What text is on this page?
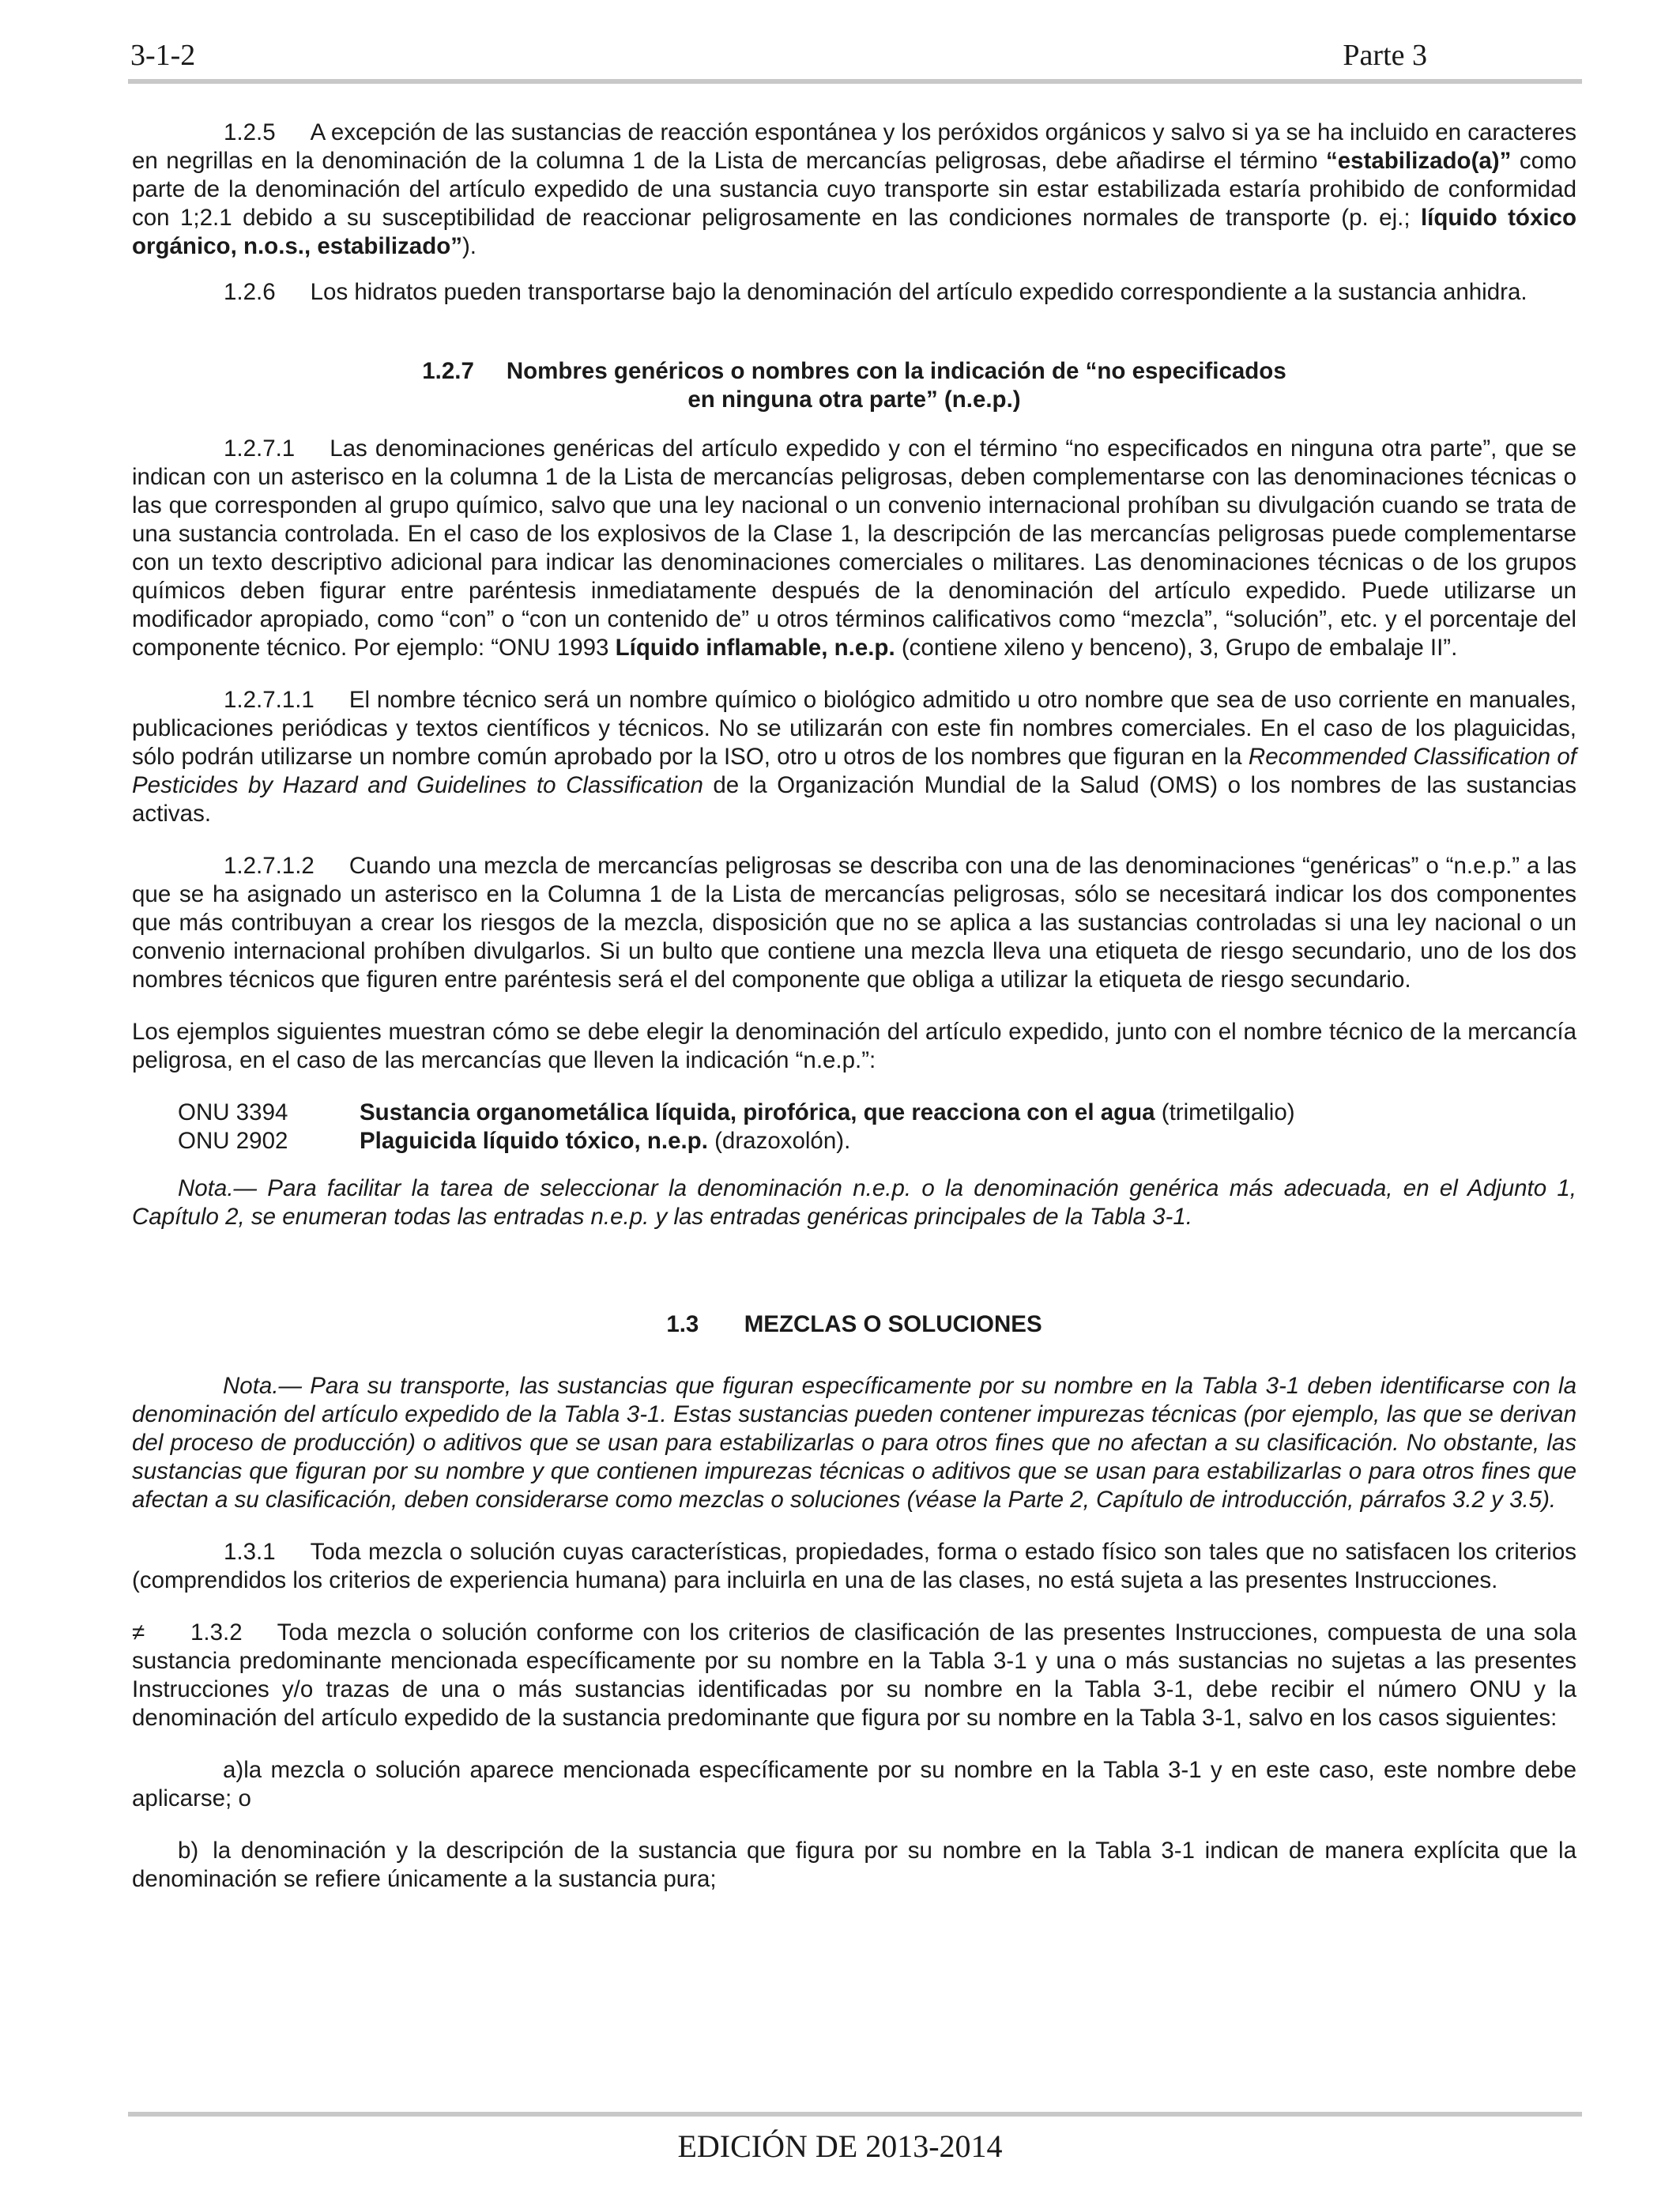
3-1-2	Parte 3

1.2.5 A excepción de las sustancias de reacción espontánea y los peróxidos orgánicos y salvo si ya se ha incluido en caracteres en negrillas en la denominación de la columna 1 de la Lista de mercancías peligrosas, debe añadirse el término “estabilizado(a)” como parte de la denominación del artículo expedido de una sustancia cuyo transporte sin estar estabilizada estaría prohibido de conformidad con 1;2.1 debido a su susceptibilidad de reaccionar peligrosamente en las condiciones normales de transporte (p. ej.; líquido tóxico orgánico, n.o.s., estabilizado”).

1.2.6 Los hidratos pueden transportarse bajo la denominación del artículo expedido correspondiente a la sustancia anhidra.

1.2.7 Nombres genéricos o nombres con la indicación de “no especificados
en ninguna otra parte” (n.e.p.)

1.2.7.1 Las denominaciones genéricas del artículo expedido y con el término “no especificados en ninguna otra parte”, que se indican con un asterisco en la columna 1 de la Lista de mercancías peligrosas, deben complementarse con las denominaciones técnicas o las que corresponden al grupo químico, salvo que una ley nacional o un convenio internacional prohíban su divulgación cuando se trata de una sustancia controlada. En el caso de los explosivos de la Clase 1, la descripción de las mercancías peligrosas puede complementarse con un texto descriptivo adicional para indicar las denominaciones comerciales o militares. Las denominaciones técnicas o de los grupos químicos deben figurar entre paréntesis inmediatamente después de la denominación del artículo expedido. Puede utilizarse un modificador apropiado, como “con” o “con un contenido de” u otros términos calificativos como “mezcla”, “solución”, etc. y el porcentaje del componente técnico. Por ejemplo: “ONU 1993 Líquido inflamable, n.e.p. (contiene xileno y benceno), 3, Grupo de embalaje II”.

1.2.7.1.1 El nombre técnico será un nombre químico o biológico admitido u otro nombre que sea de uso corriente en manuales, publicaciones periódicas y textos científicos y técnicos. No se utilizarán con este fin nombres comerciales. En el caso de los plaguicidas, sólo podrán utilizarse un nombre común aprobado por la ISO, otro u otros de los nombres que figuran en la Recommended Classification of Pesticides by Hazard and Guidelines to Classification de la Organización Mundial de la Salud (OMS) o los nombres de las sustancias activas.

1.2.7.1.2 Cuando una mezcla de mercancías peligrosas se describa con una de las denominaciones “genéricas” o “n.e.p.” a las que se ha asignado un asterisco en la Columna 1 de la Lista de mercancías peligrosas, sólo se necesitará indicar los dos componentes que más contribuyan a crear los riesgos de la mezcla, disposición que no se aplica a las sustancias controladas si una ley nacional o un convenio internacional prohíben divulgarlos. Si un bulto que contiene una mezcla lleva una etiqueta de riesgo secundario, uno de los dos nombres técnicos que figuren entre paréntesis será el del componente que obliga a utilizar la etiqueta de riesgo secundario.

Los ejemplos siguientes muestran cómo se debe elegir la denominación del artículo expedido, junto con el nombre técnico de la mercancía peligrosa, en el caso de las mercancías que lleven la indicación “n.e.p.”:

ONU 3394	Sustancia organometálica líquida, pirofórica, que reacciona con el agua (trimetilgalio)
ONU 2902	Plaguicida líquido tóxico, n.e.p. (drazoxolón).

Nota.— Para facilitar la tarea de seleccionar la denominación n.e.p. o la denominación genérica más adecuada, en el Adjunto 1, Capítulo 2, se enumeran todas las entradas n.e.p. y las entradas genéricas principales de la Tabla 3-1.

1.3 MEZCLAS O SOLUCIONES

Nota.— Para su transporte, las sustancias que figuran específicamente por su nombre en la Tabla 3-1 deben identificarse con la denominación del artículo expedido de la Tabla 3-1. Estas sustancias pueden contener impurezas técnicas (por ejemplo, las que se derivan del proceso de producción) o aditivos que se usan para estabilizarlas o para otros fines que no afectan a su clasificación. No obstante, las sustancias que figuran por su nombre y que contienen impurezas técnicas o aditivos que se usan para estabilizarlas o para otros fines que afectan a su clasificación, deben considerarse como mezclas o soluciones (véase la Parte 2, Capítulo de introducción, párrafos 3.2 y 3.5).

1.3.1 Toda mezcla o solución cuyas características, propiedades, forma o estado físico son tales que no satisfacen los criterios (comprendidos los criterios de experiencia humana) para incluirla en una de las clases, no está sujeta a las presentes Instrucciones.

≠ 1.3.2 Toda mezcla o solución conforme con los criterios de clasificación de las presentes Instrucciones, compuesta de una sola sustancia predominante mencionada específicamente por su nombre en la Tabla 3-1 y una o más sustancias no sujetas a las presentes Instrucciones y/o trazas de una o más sustancias identificadas por su nombre en la Tabla 3-1, debe recibir el número ONU y la denominación del artículo expedido de la sustancia predominante que figura por su nombre en la Tabla 3-1, salvo en los casos siguientes:

a)la mezcla o solución aparece mencionada específicamente por su nombre en la Tabla 3-1 y en este caso, este nombre debe aplicarse; o

b) la denominación y la descripción de la sustancia que figura por su nombre en la Tabla 3-1 indican de manera explícita que la denominación se refiere únicamente a la sustancia pura;

EDICIÓN DE 2013-2014
